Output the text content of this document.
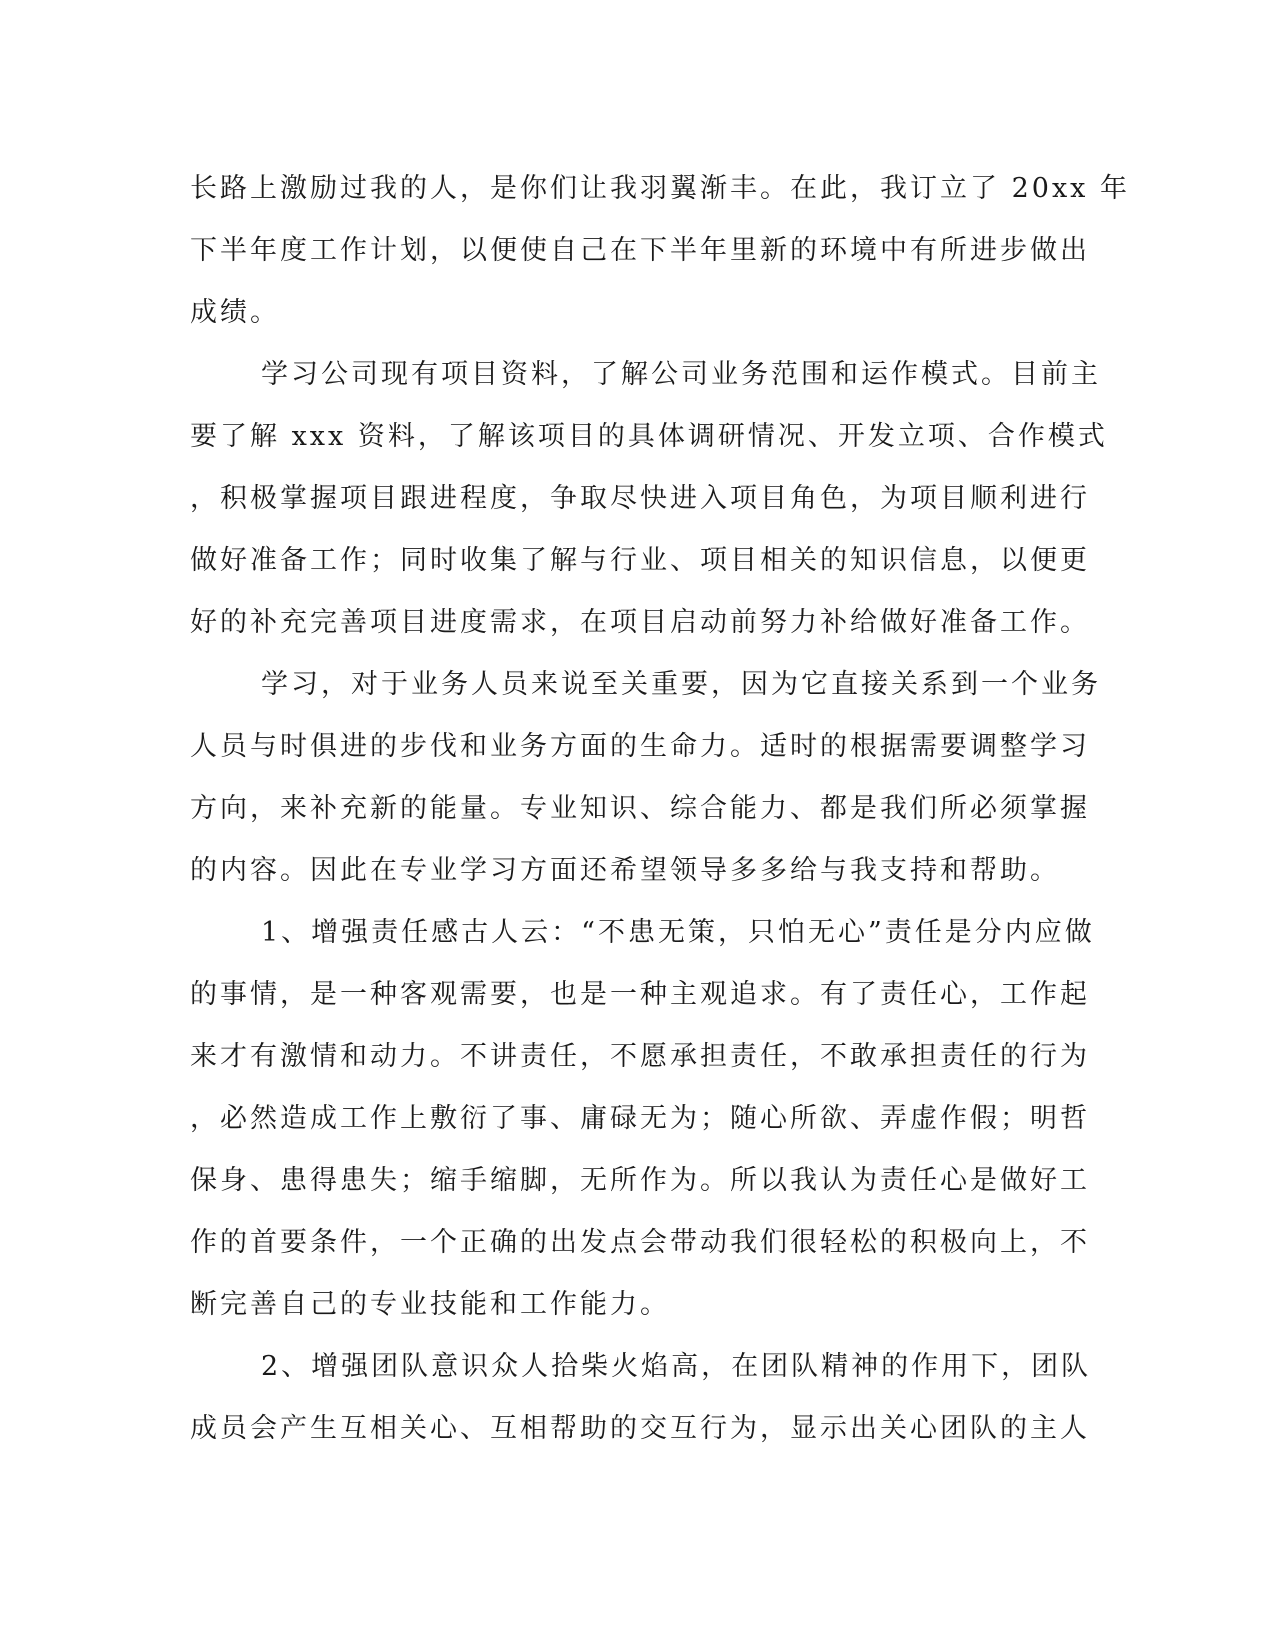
长路上激励过我的人，是你们让我羽翼渐丰。在此，我订立了 20xx 年

下半年度工作计划，以便使自己在下半年里新的环境中有所进步做出

成绩。

学习公司现有项目资料，了解公司业务范围和运作模式。目前主

要了解 xxx 资料，了解该项目的具体调研情况、开发立项、合作模式

，积极掌握项目跟进程度，争取尽快进入项目角色，为项目顺利进行

做好准备工作；同时收集了解与行业、项目相关的知识信息，以便更

好的补充完善项目进度需求，在项目启动前努力补给做好准备工作。

学习，对于业务人员来说至关重要，因为它直接关系到一个业务

人员与时俱进的步伐和业务方面的生命力。适时的根据需要调整学习

方向，来补充新的能量。专业知识、综合能力、都是我们所必须掌握

的内容。因此在专业学习方面还希望领导多多给与我支持和帮助。

1、增强责任感古人云：“不患无策，只怕无心”责任是分内应做

的事情，是一种客观需要，也是一种主观追求。有了责任心，工作起

来才有激情和动力。不讲责任，不愿承担责任，不敢承担责任的行为

，必然造成工作上敷衍了事、庸碌无为；随心所欲、弄虚作假；明哲

保身、患得患失；缩手缩脚，无所作为。所以我认为责任心是做好工

作的首要条件，一个正确的出发点会带动我们很轻松的积极向上，不

断完善自己的专业技能和工作能力。

2、增强团队意识众人拾柴火焰高，在团队精神的作用下，团队

成员会产生互相关心、互相帮助的交互行为，显示出关心团队的主人
